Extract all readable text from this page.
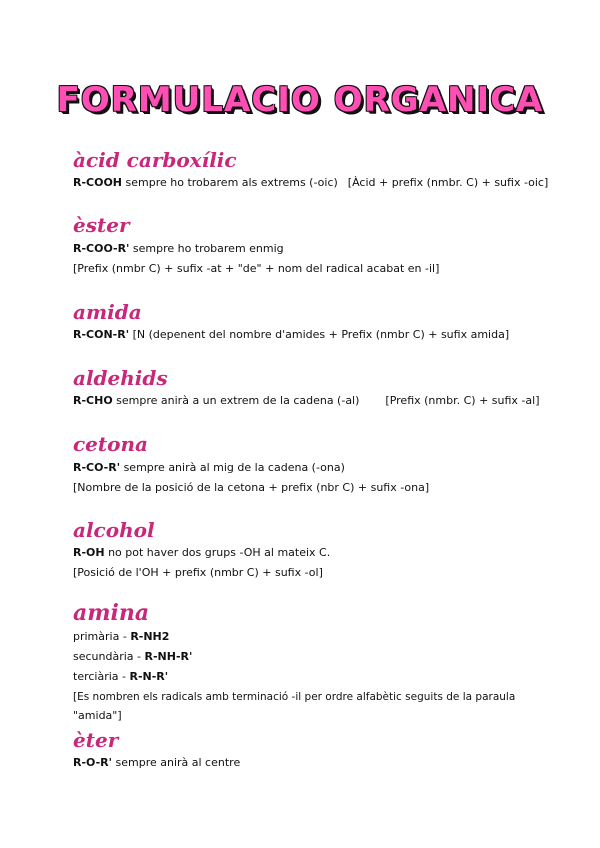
FORMULACIO ORGANICA
àcid carboxílic
R-COOH sempre ho trobarem als extrems (-oic) [Àcid + prefix (nmbr. C) + sufix -oic]
èster
R-COO-R' sempre ho trobarem enmig
[Prefix (nmbr C) + sufix -at + "de" + nom del radical acabat en -il]
amida
R-CON-R' [N (depenent del nombre d'amides + Prefix (nmbr C) + sufix amida]
aldehids
R-CHO sempre anirà a un extrem de la cadena (-al) [Prefix (nmbr. C) + sufix -al]
cetona
R-CO-R' sempre anirà al mig de la cadena (-ona)
[Nombre de la posició de la cetona + prefix (nbr C) + sufix -ona]
alcohol
R-OH no pot haver dos grups -OH al mateix C.
[Posició de l'OH + prefix (nmbr C) + sufix -ol]
amina
primària - R-NH2
secundària - R-NH-R'
terciària - R-N-R'
[Es nombren els radicals amb terminació -il per ordre alfabètic seguits de la paraula
"amida"]
èter
R-O-R' sempre anirà al centre
